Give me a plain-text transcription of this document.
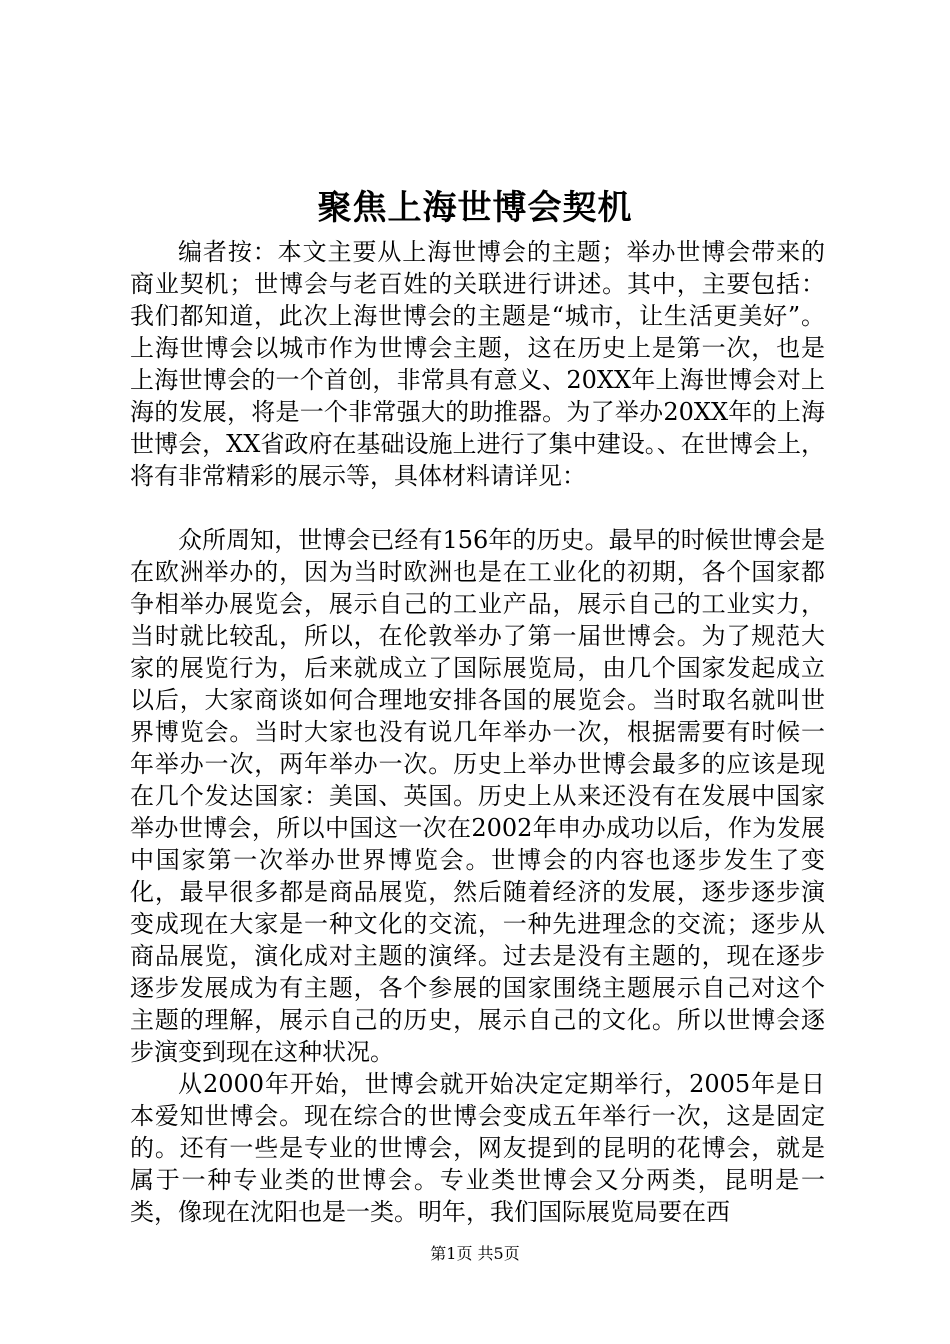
聚焦上海世博会契机

编者按：本文主要从上海世博会的主题；举办世博会带来的商业契机；世博会与老百姓的关联进行讲述。其中，主要包括：我们都知道，此次上海世博会的主题是“城市，让生活更美好”。上海世博会以城市作为世博会主题，这在历史上是第一次，也是上海世博会的一个首创，非常具有意义、20XX年上海世博会对上海的发展，将是一个非常强大的助推器。为了举办20XX年的上海世博会，XX省政府在基础设施上进行了集中建设。、在世博会上，将有非常精彩的展示等，具体材料请详见：

众所周知，世博会已经有156年的历史。最早的时候世博会是在欧洲举办的，因为当时欧洲也是在工业化的初期，各个国家都争相举办展览会，展示自己的工业产品，展示自己的工业实力，当时就比较乱，所以，在伦敦举办了第一届世博会。为了规范大家的展览行为，后来就成立了国际展览局，由几个国家发起成立以后，大家商谈如何合理地安排各国的展览会。当时取名就叫世界博览会。当时大家也没有说几年举办一次，根据需要有时候一年举办一次，两年举办一次。历史上举办世博会最多的应该是现在几个发达国家：美国、英国。历史上从来还没有在发展中国家举办世博会，所以中国这一次在2002年申办成功以后，作为发展中国家第一次举办世界博览会。世博会的内容也逐步发生了变化，最早很多都是商品展览，然后随着经济的发展，逐步逐步演变成现在大家是一种文化的交流，一种先进理念的交流；逐步从商品展览，演化成对主题的演绎。过去是没有主题的，现在逐步逐步发展成为有主题，各个参展的国家围绕主题展示自己对这个主题的理解，展示自己的历史，展示自己的文化。所以世博会逐步演变到现在这种状况。

从2000年开始，世博会就开始决定定期举行，2005年是日本爱知世博会。现在综合的世博会变成五年举行一次，这是固定的。还有一些是专业的世博会，网友提到的昆明的花博会，就是属于一种专业类的世博会。专业类世博会又分两类，昆明是一类，像现在沈阳也是一类。明年，我们国际展览局要在西

第1页 共5页
